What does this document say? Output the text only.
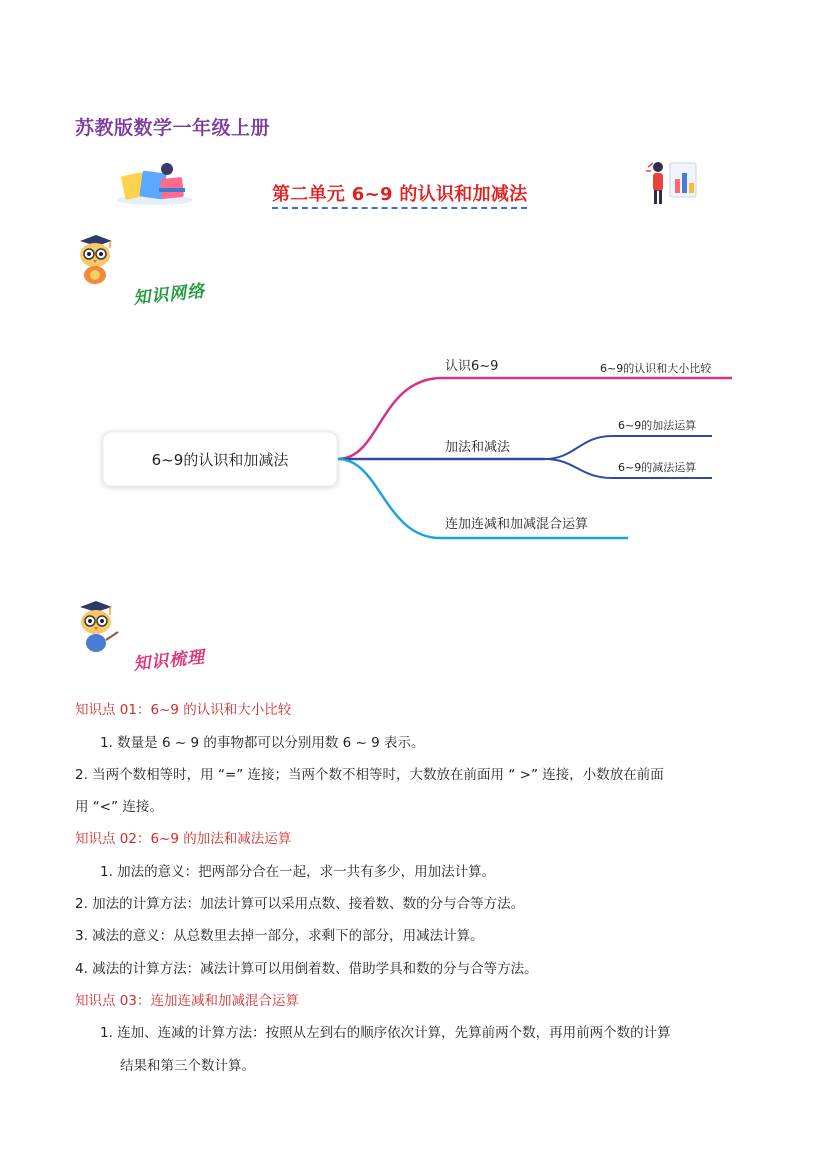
苏教版数学一年级上册
第二单元 6~9 的认识和加减法
知识网络
6~9的认识和加减法
认识6~9	6~9的认识和大小比较
加法和减法
6~9的加法运算
6~9的减法运算
连加连减和加减混合运算
知识梳理
知识点 01：6~9 的认识和大小比较
1. 数量是 6 ~ 9 的事物都可以分别用数 6 ~ 9 表示。
2. 当两个数相等时，用 “=” 连接；当两个数不相等时，大数放在前面用 “ >” 连接，小数放在前面
用 “<” 连接。
知识点 02：6~9 的加法和减法运算
1. 加法的意义：把两部分合在一起，求一共有多少，用加法计算。
2. 加法的计算方法：加法计算可以采用点数、接着数、数的分与合等方法。
3. 减法的意义：从总数里去掉一部分，求剩下的部分，用减法计算。
4. 减法的计算方法：减法计算可以用倒着数、借助学具和数的分与合等方法。
知识点 03：连加连减和加减混合运算
1. 连加、连减的计算方法：按照从左到右的顺序依次计算，先算前两个数，再用前两个数的计算
结果和第三个数计算。
